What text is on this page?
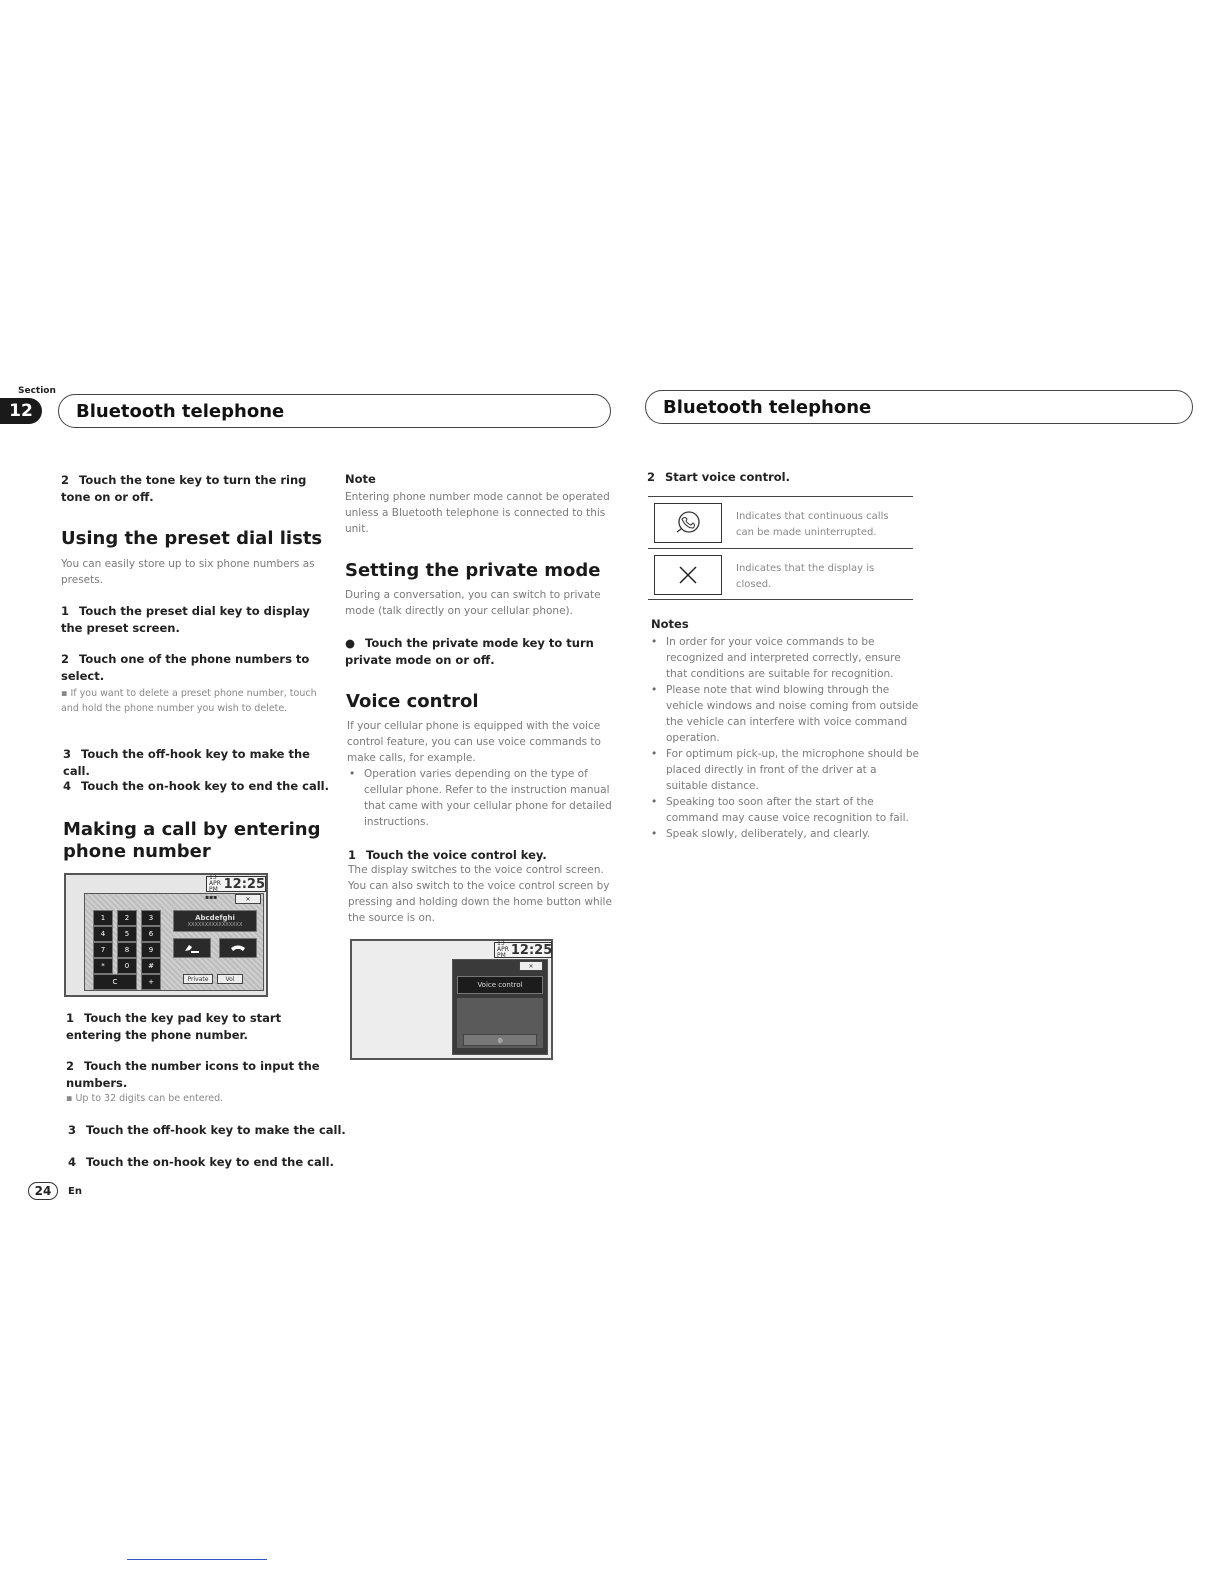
Section
12	Bluetooth telephone	Bluetooth telephone
2 Touch the tone key to turn the ring tone on or off.
Using the preset dial lists
You can easily store up to six phone numbers as presets.
1 Touch the preset dial key to display the preset screen.
2 Touch one of the phone numbers to select.
▪ If you want to delete a preset phone number, touch and hold the phone number you wish to delete.
3 Touch the off-hook key to make the call.
4 Touch the on-hook key to end the call.
Making a call by entering phone number
13 APR
PM 12:25
✕
▪▪▪
1	2	3
4	5	6
7	8	9
*	0	#
C	+
Abcdefghi
XXXXXXXXXXXXXXXX
Private	Vol
1 Touch the key pad key to start entering the phone number.
2 Touch the number icons to input the numbers.
▪ Up to 32 digits can be entered.
3 Touch the off-hook key to make the call.
4 Touch the on-hook key to end the call.
Note
Entering phone number mode cannot be operated unless a Bluetooth telephone is connected to this unit.
Setting the private mode
During a conversation, you can switch to private mode (talk directly on your cellular phone).
● Touch the private mode key to turn private mode on or off.
Voice control
If your cellular phone is equipped with the voice control feature, you can use voice commands to make calls, for example.
• Operation varies depending on the type of cellular phone. Refer to the instruction manual that came with your cellular phone for detailed instructions.
1 Touch the voice control key.
The display switches to the voice control screen. You can also switch to the voice control screen by pressing and holding down the home button while the source is on.
13 APR
PM 12:25
✕
Voice control
◎
2 Start voice control.
Indicates that continuous calls can be made uninterrupted.
Indicates that the display is closed.
Notes
• In order for your voice commands to be recognized and interpreted correctly, ensure that conditions are suitable for recognition.
• Please note that wind blowing through the vehicle windows and noise coming from outside the vehicle can interfere with voice command operation.
• For optimum pick-up, the microphone should be placed directly in front of the driver at a suitable distance.
• Speaking too soon after the start of the command may cause voice recognition to fail.
• Speak slowly, deliberately, and clearly.
24	En
